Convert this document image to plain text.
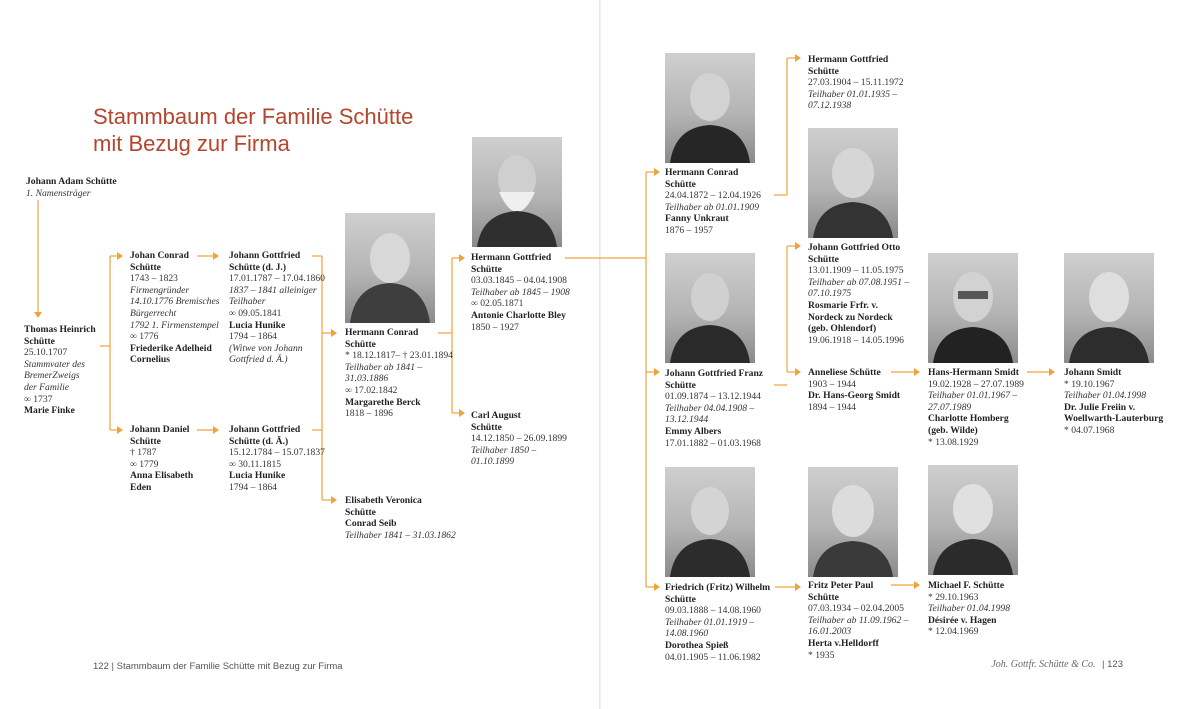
Stammbaum der Familie Schütte
mit Bezug zur Firma
Johann Adam Schütte
1. Namensträger
Thomas Heinrich
Schütte
25.10.1707
Stammvater des
BremerZweigs
der Familie
∞ 1737
Marie Finke
Johan Conrad
Schütte
1743 – 1823
Firmengründer
14.10.1776 Bremisches
Bürgerrecht
1792 1. Firmenstempel
∞ 1776
Friederike Adelheid
Cornelius
Johann Daniel
Schütte
† 1787
∞ 1779
Anna Elisabeth
Eden
Johann Gottfried
Schütte (d. J.)
17.01.1787 – 17.04.1860
1837 – 1841 alleiniger
Teilhaber
∞ 09.05.1841
Lucia Hunike
1794 – 1864
(Witwe von Johann
Gottfried d. Ä.)
Johann Gottfried
Schütte (d. Ä.)
15.12.1784 – 15.07.1837
∞ 30.11.1815
Lucia Hunike
1794 – 1864
Hermann Conrad
Schütte
* 18.12.1817– † 23.01.1894
Teilhaber ab 1841 –
31.03.1886
∞ 17.02.1842
Margarethe Berck
1818 – 1896
Elisabeth Veronica
Schütte
Conrad Seib
Teilhaber 1841 – 31.03.1862
Hermann Gottfried
Schütte
03.03.1845 – 04.04.1908
Teilhaber ab 1845 – 1908
∞ 02.05.1871
Antonie Charlotte Bley
1850 – 1927
Carl August
Schütte
14.12.1850 – 26.09.1899
Teilhaber 1850 –
01.10.1899
Hermann Conrad
Schütte
24.04.1872 – 12.04.1926
Teilhaber ab 01.01.1909
Fanny Unkraut
1876 – 1957
Johann Gottfried Franz
Schütte
01.09.1874 – 13.12.1944
Teilhaber 04.04.1908 –
13.12.1944
Emmy Albers
17.01.1882 – 01.03.1968
Friedrich (Fritz) Wilhelm
Schütte
09.03.1888 – 14.08.1960
Teilhaber 01.01.1919 –
14.08.1960
Dorothea Spieß
04.01.1905 – 11.06.1982
Hermann Gottfried
Schütte
27.03.1904 – 15.11.1972
Teilhaber 01.01.1935 –
07.12.1938
Johann Gottfried Otto
Schütte
13.01.1909 – 11.05.1975
Teilhaber ab 07.08.1951 –
07.10.1975
Rosmarie Frfr. v.
Nordeck zu Nordeck
(geb. Ohlendorf)
19.06.1918 – 14.05.1996
Anneliese Schütte
1903 – 1944
Dr. Hans-Georg Smidt
1894 – 1944
Fritz Peter Paul
Schütte
07.03.1934 – 02.04.2005
Teilhaber ab 11.09.1962 –
16.01.2003
Herta v.Helldorff
* 1935
Hans-Hermann Smidt
19.02.1928 – 27.07.1989
Teilhaber 01.01.1967 –
27.07.1989
Charlotte Homberg
(geb. Wilde)
* 13.08.1929
Michael F. Schütte
* 29.10.1963
Teilhaber 01.04.1998
Désirée v. Hagen
* 12.04.1969
Johann Smidt
* 19.10.1967
Teilhaber 01.04.1998
Dr. Julie Freiin v.
Woellwarth-Lauterburg
* 04.07.1968
122 | Stammbaum der Familie Schütte mit Bezug zur Firma	Joh. Gottfr. Schütte & Co. | 123
